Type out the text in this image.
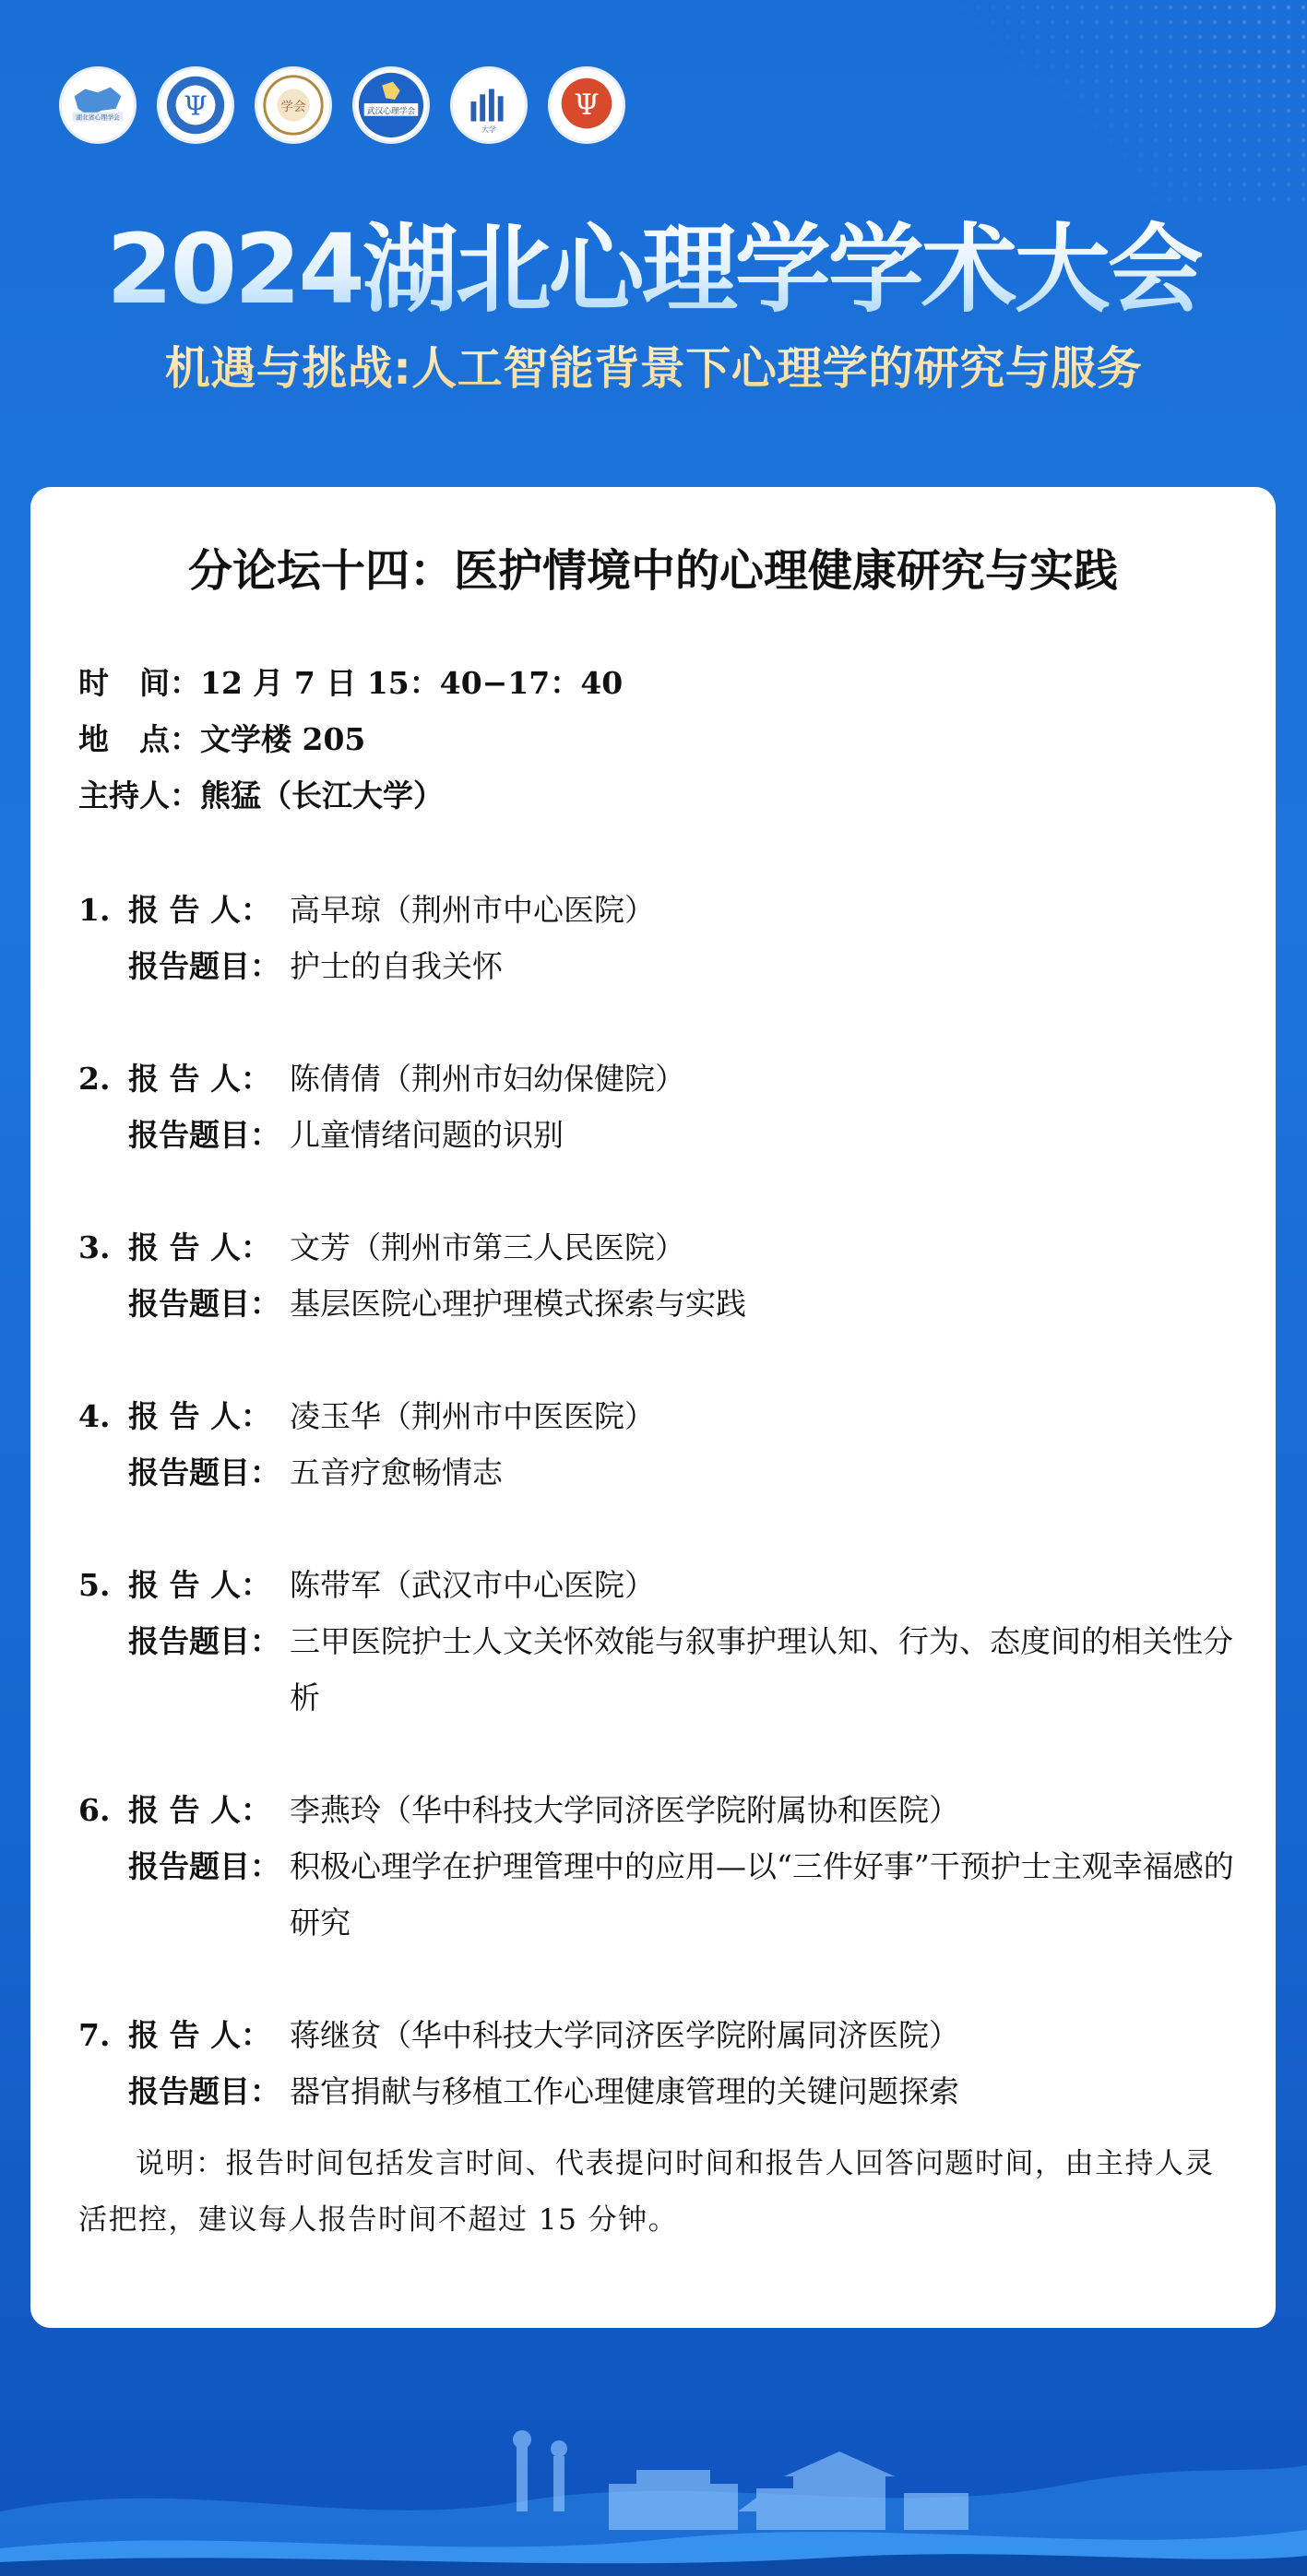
湖北省心理学会 Ψ	学会	武汉心理学会
大学
Ψ
2024湖北心理学学术大会
机遇与挑战:人工智能背景下心理学的研究与服务
分论坛十四：医护情境中的心理健康研究与实践
时　间：12 月 7 日 15：40−17：40
地　点：文学楼 205
主持人：熊猛（长江大学）
1. 报 告 人： 高早琼（荆州市中心医院）
报告题目： 护士的自我关怀
2. 报 告 人： 陈倩倩（荆州市妇幼保健院）
报告题目： 儿童情绪问题的识别
3. 报 告 人： 文芳（荆州市第三人民医院）
报告题目： 基层医院心理护理模式探索与实践
4. 报 告 人： 凌玉华（荆州市中医医院）
报告题目： 五音疗愈畅情志
5. 报 告 人： 陈带军（武汉市中心医院）
报告题目： 三甲医院护士人文关怀效能与叙事护理认知、行为、态度间的相关性分析
6. 报 告 人： 李燕玲（华中科技大学同济医学院附属协和医院）
报告题目： 积极心理学在护理管理中的应用—以“三件好事”干预护士主观幸福感的研究
7. 报 告 人： 蒋继贫（华中科技大学同济医学院附属同济医院）
报告题目： 器官捐献与移植工作心理健康管理的关键问题探索
说明：报告时间包括发言时间、代表提问时间和报告人回答问题时间，由主持人灵活把控，建议每人报告时间不超过 15 分钟。
